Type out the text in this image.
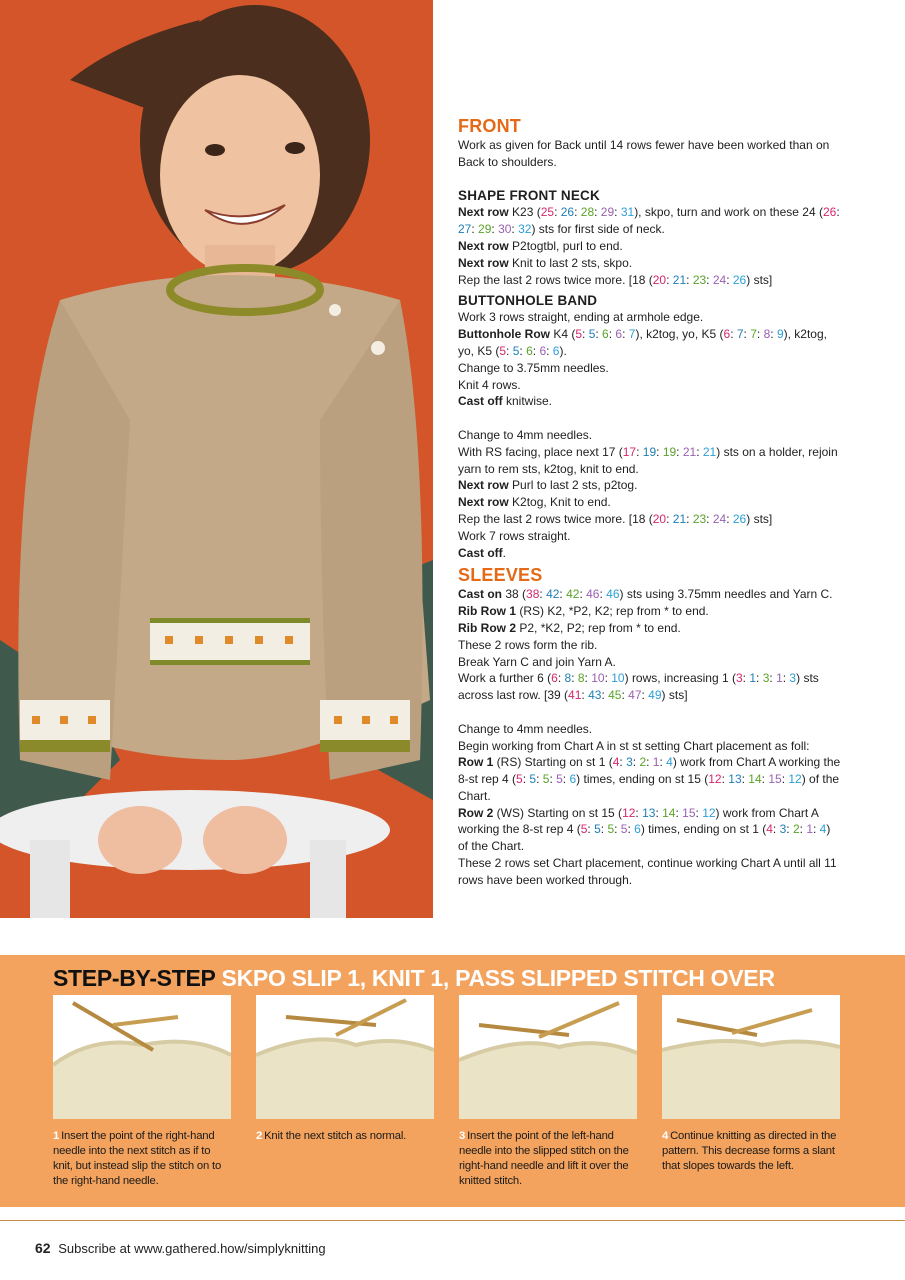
FRONT

Work as given for Back until 14 rows fewer have been worked than on Back to shoulders.

SHAPE FRONT NECK

Next row K23 (25: 26: 28: 29: 31), skpo, turn and work on these 24 (26: 27: 29: 30: 32) sts for first side of neck.

Next row P2togtbl, purl to end.

Next row Knit to last 2 sts, skpo.

Rep the last 2 rows twice more. [18 (20: 21: 23: 24: 26) sts]

BUTTONHOLE BAND

Work 3 rows straight, ending at armhole edge.

Buttonhole Row K4 (5: 5: 6: 6: 7), k2tog, yo, K5 (6: 7: 7: 8: 9), k2tog, yo, K5 (5: 5: 6: 6: 6).

Change to 3.75mm needles.

Knit 4 rows.

Cast off knitwise.

Change to 4mm needles.

With RS facing, place next 17 (17: 19: 19: 21: 21) sts on a holder, rejoin yarn to rem sts, k2tog, knit to end.

Next row Purl to last 2 sts, p2tog.

Next row K2tog, Knit to end.

Rep the last 2 rows twice more. [18 (20: 21: 23: 24: 26) sts]

Work 7 rows straight.

Cast off.

SLEEVES

Cast on 38 (38: 42: 42: 46: 46) sts using 3.75mm needles and Yarn C.

Rib Row 1 (RS) K2, *P2, K2; rep from * to end.

Rib Row 2 P2, *K2, P2; rep from * to end.

These 2 rows form the rib.

Break Yarn C and join Yarn A.

Work a further 6 (6: 8: 8: 10: 10) rows, increasing 1 (3: 1: 3: 1: 3) sts across last row. [39 (41: 43: 45: 47: 49) sts]

Change to 4mm needles.

Begin working from Chart A in st st setting Chart placement as foll:

Row 1 (RS) Starting on st 1 (4: 3: 2: 1: 4) work from Chart A working the 8-st rep 4 (5: 5: 5: 5: 6) times, ending on st 15 (12: 13: 14: 15: 12) of the Chart.

Row 2 (WS) Starting on st 15 (12: 13: 14: 15: 12) work from Chart A working the 8-st rep 4 (5: 5: 5: 5: 6) times, ending on st 1 (4: 3: 2: 1: 4) of the Chart.

These 2 rows set Chart placement, continue working Chart A until all 11 rows have been worked through.

STEP-BY-STEP SKPO SLIP 1, KNIT 1, PASS SLIPPED STITCH OVER
1 Insert the point of the right-hand needle into the next stitch as if to knit, but instead slip the stitch on to the right-hand needle.
2 Knit the next stitch as normal.	3 Insert the point of the left-hand needle into the slipped stitch on the right-hand needle and lift it over the knitted stitch.
4 Continue knitting as directed in the pattern. This decrease forms a slant that slopes towards the left.
62 Subscribe at www.gathered.how/simplyknitting
